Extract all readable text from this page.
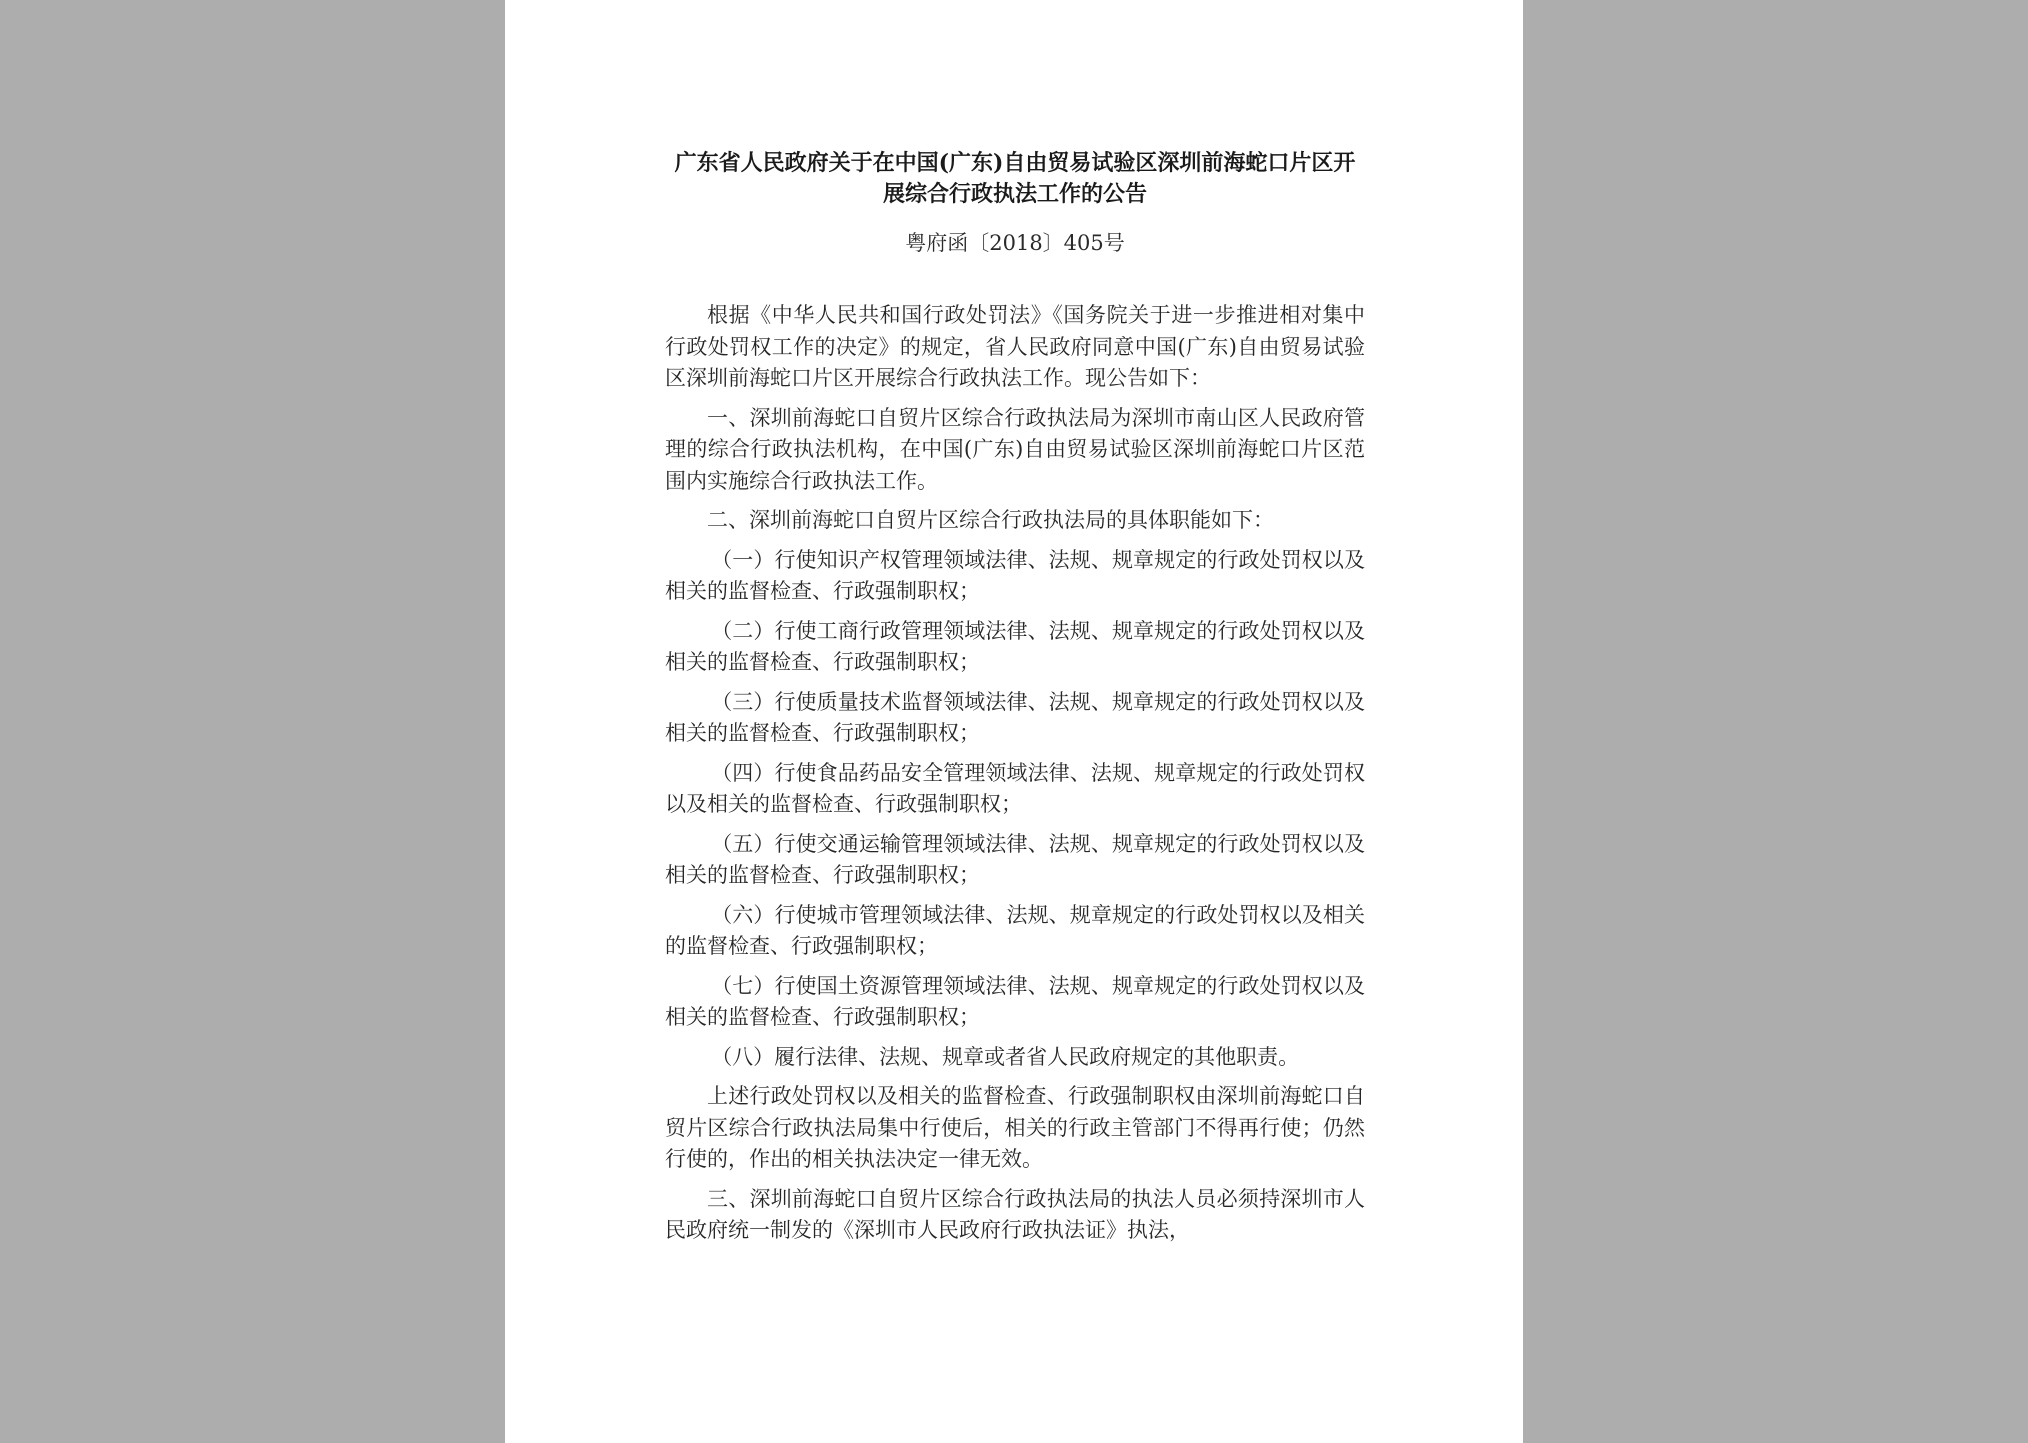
广东省人民政府关于在中国(广东)自由贸易试验区深圳前海蛇口片区开展综合行政执法工作的公告
粤府函〔2018〕405号

根据《中华人民共和国行政处罚法》《国务院关于进一步推进相对集中行政处罚权工作的决定》的规定，省人民政府同意中国(广东)自由贸易试验区深圳前海蛇口片区开展综合行政执法工作。现公告如下：

一、深圳前海蛇口自贸片区综合行政执法局为深圳市南山区人民政府管理的综合行政执法机构，在中国(广东)自由贸易试验区深圳前海蛇口片区范围内实施综合行政执法工作。

二、深圳前海蛇口自贸片区综合行政执法局的具体职能如下：

（一）行使知识产权管理领域法律、法规、规章规定的行政处罚权以及相关的监督检查、行政强制职权；

（二）行使工商行政管理领域法律、法规、规章规定的行政处罚权以及相关的监督检查、行政强制职权；

（三）行使质量技术监督领域法律、法规、规章规定的行政处罚权以及相关的监督检查、行政强制职权；

（四）行使食品药品安全管理领域法律、法规、规章规定的行政处罚权以及相关的监督检查、行政强制职权；

（五）行使交通运输管理领域法律、法规、规章规定的行政处罚权以及相关的监督检查、行政强制职权；

（六）行使城市管理领域法律、法规、规章规定的行政处罚权以及相关的监督检查、行政强制职权；

（七）行使国土资源管理领域法律、法规、规章规定的行政处罚权以及相关的监督检查、行政强制职权；

（八）履行法律、法规、规章或者省人民政府规定的其他职责。

上述行政处罚权以及相关的监督检查、行政强制职权由深圳前海蛇口自贸片区综合行政执法局集中行使后，相关的行政主管部门不得再行使；仍然行使的，作出的相关执法决定一律无效。

三、深圳前海蛇口自贸片区综合行政执法局的执法人员必须持深圳市人民政府统一制发的《深圳市人民政府行政执法证》执法，
